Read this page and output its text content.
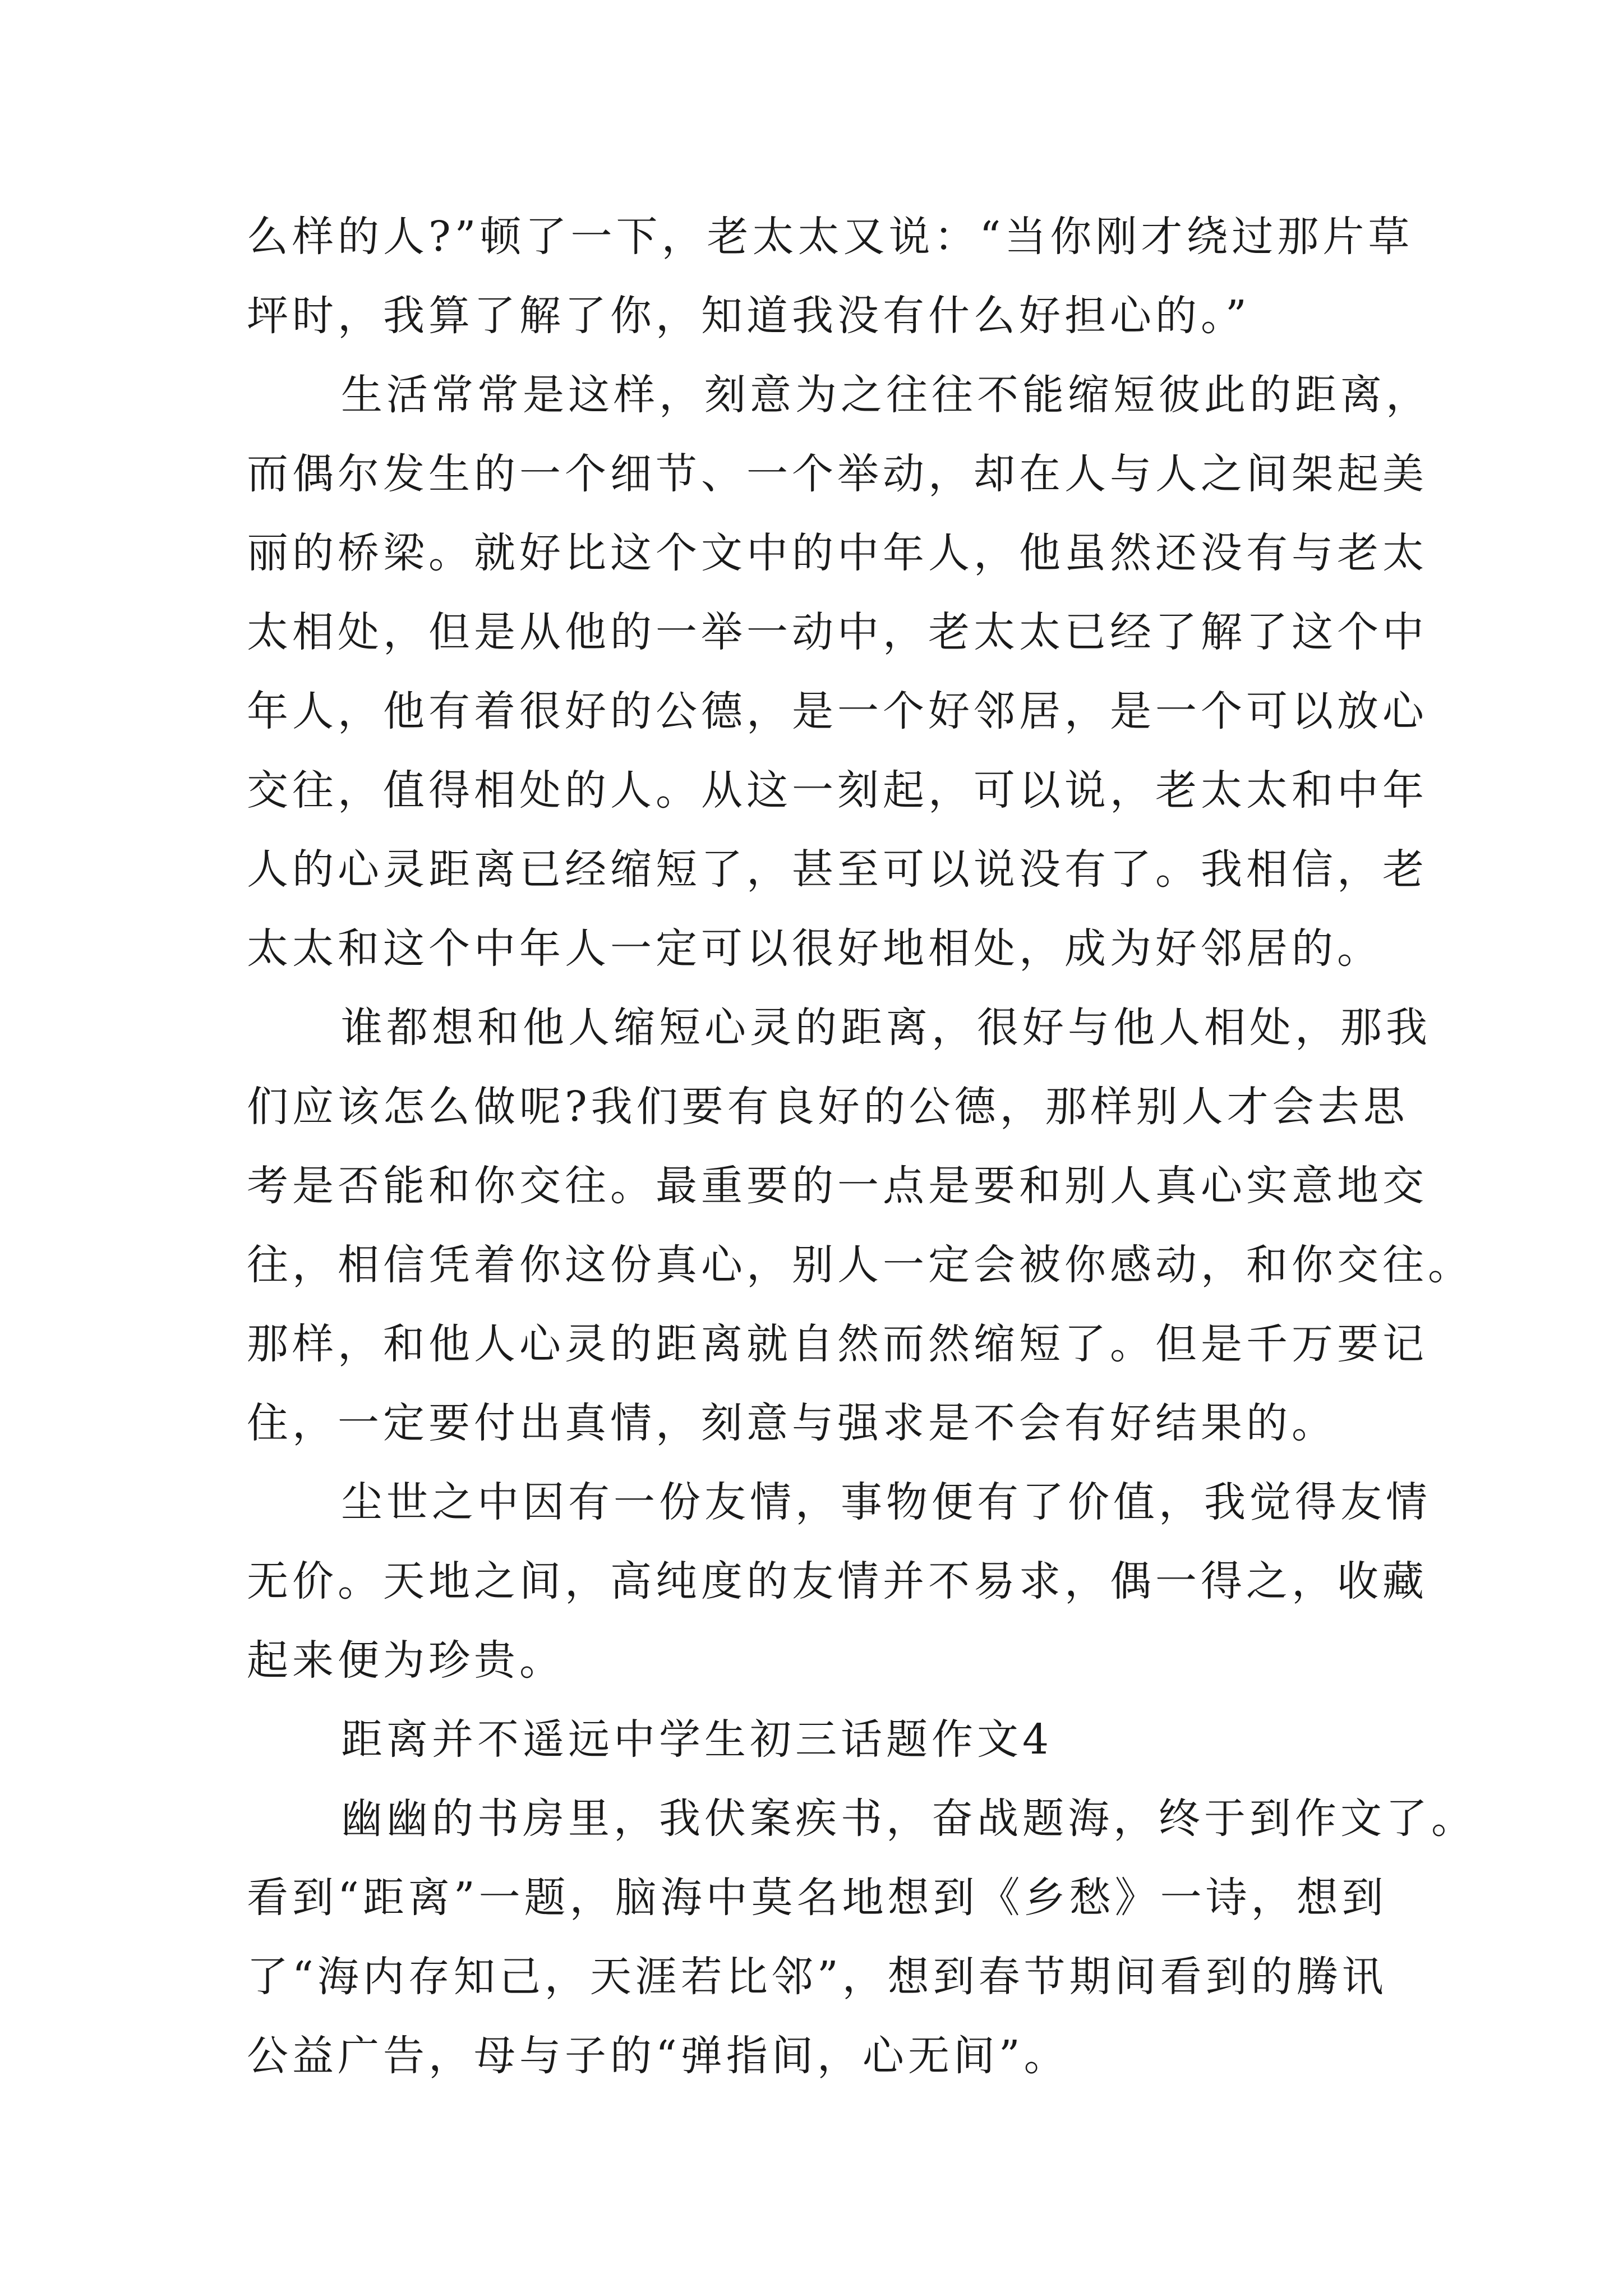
么样的人?”顿了一下，老太太又说：“当你刚才绕过那片草
坪时，我算了解了你，知道我没有什么好担心的。”
生活常常是这样，刻意为之往往不能缩短彼此的距离，
而偶尔发生的一个细节、一个举动，却在人与人之间架起美
丽的桥梁。就好比这个文中的中年人，他虽然还没有与老太
太相处，但是从他的一举一动中，老太太已经了解了这个中
年人，他有着很好的公德，是一个好邻居，是一个可以放心
交往，值得相处的人。从这一刻起，可以说，老太太和中年
人的心灵距离已经缩短了，甚至可以说没有了。我相信，老
太太和这个中年人一定可以很好地相处，成为好邻居的。
谁都想和他人缩短心灵的距离，很好与他人相处，那我
们应该怎么做呢?我们要有良好的公德，那样别人才会去思
考是否能和你交往。最重要的一点是要和别人真心实意地交
往，相信凭着你这份真心，别人一定会被你感动，和你交往。
那样，和他人心灵的距离就自然而然缩短了。但是千万要记
住，一定要付出真情，刻意与强求是不会有好结果的。
尘世之中因有一份友情，事物便有了价值，我觉得友情
无价。天地之间，高纯度的友情并不易求，偶一得之，收藏
起来便为珍贵。
距离并不遥远中学生初三话题作文4
幽幽的书房里，我伏案疾书，奋战题海，终于到作文了。
看到“距离”一题，脑海中莫名地想到《乡愁》一诗，想到
了“海内存知己，天涯若比邻”，想到春节期间看到的腾讯
公益广告，母与子的“弹指间，心无间”。
